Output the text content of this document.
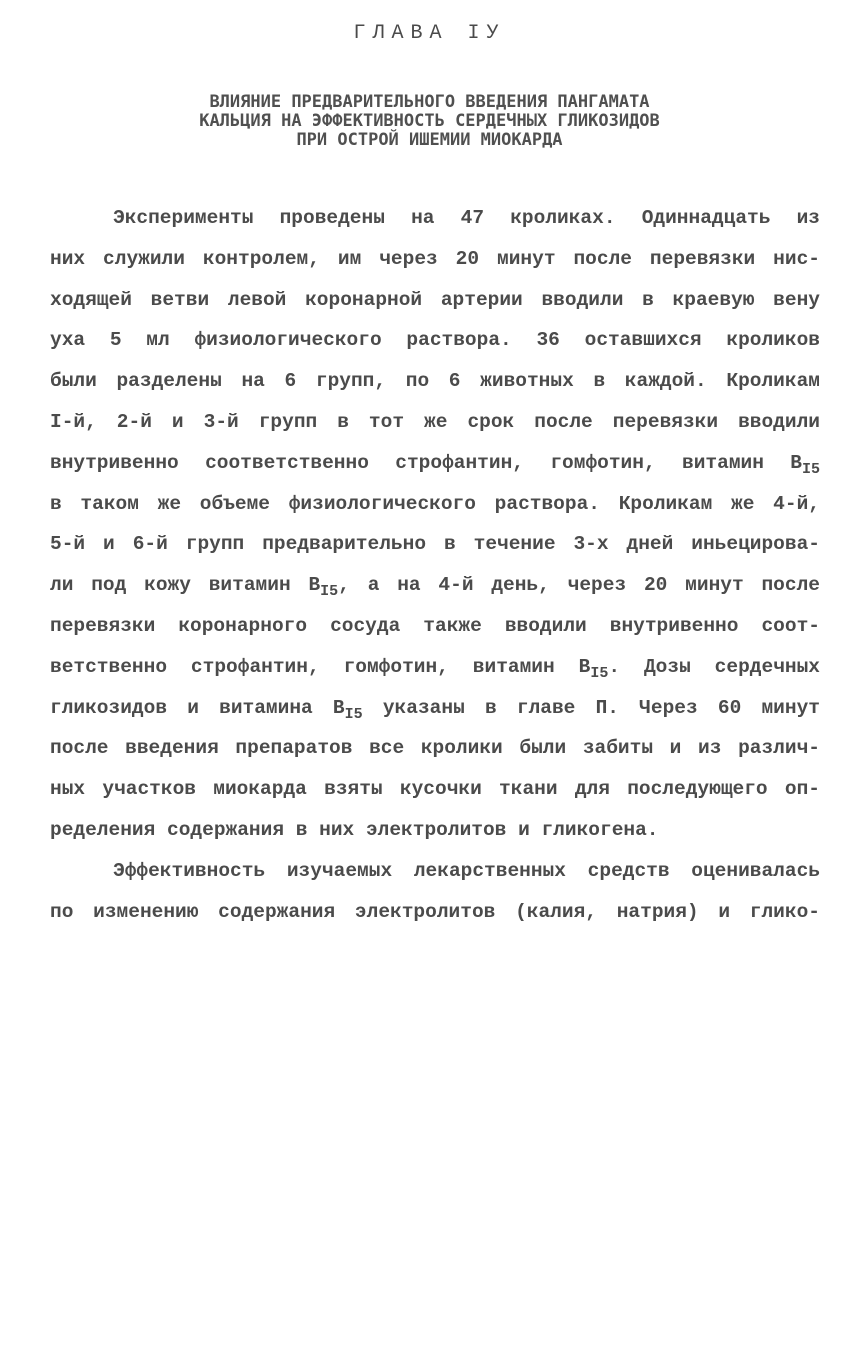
ГЛАВА IУ
ВЛИЯНИЕ ПРЕДВАРИТЕЛЬНОГО ВВЕДЕНИЯ ПАНГАМАТА
КАЛЬЦИЯ НА ЭФФЕКТИВНОСТЬ СЕРДЕЧНЫХ ГЛИКОЗИДОВ
ПРИ ОСТРОЙ ИШЕМИИ МИОКАРДА
Эксперименты проведены на 47 кроликах. Одиннадцать из
них служили контролем, им через 20 минут после перевязки нис-
ходящей ветви левой коронарной артерии вводили в краевую вену
уха 5 мл физиологического раствора. 36 оставшихся кроликов
были разделены на 6 групп, по 6 животных в каждой. Кроликам
I-й, 2-й и 3-й групп в тот же срок после перевязки вводили
внутривенно соответственно строфантин, гомфотин, витамин $B_{I5}$
в таком же объеме физиологического раствора. Кроликам же 4-й,
5-й и 6-й групп предварительно в течение 3-х дней иньецирова-
ли под кожу витамин $B_{I5}$, а на 4-й день, через 20 минут после
перевязки коронарного сосуда также вводили внутривенно соот-
ветственно строфантин, гомфотин, витамин $B_{I5}$. Дозы сердечных
гликозидов и витамина $B_{I5}$ указаны в главе П. Через 60 минут
после введения препаратов все кролики были забиты и из различ-
ных участков миокарда взяты кусочки ткани для последующего оп-
ределения содержания в них электролитов и гликогена.
Эффективность изучаемых лекарственных средств оценивалась
по изменению содержания электролитов (калия, натрия) и глико-
